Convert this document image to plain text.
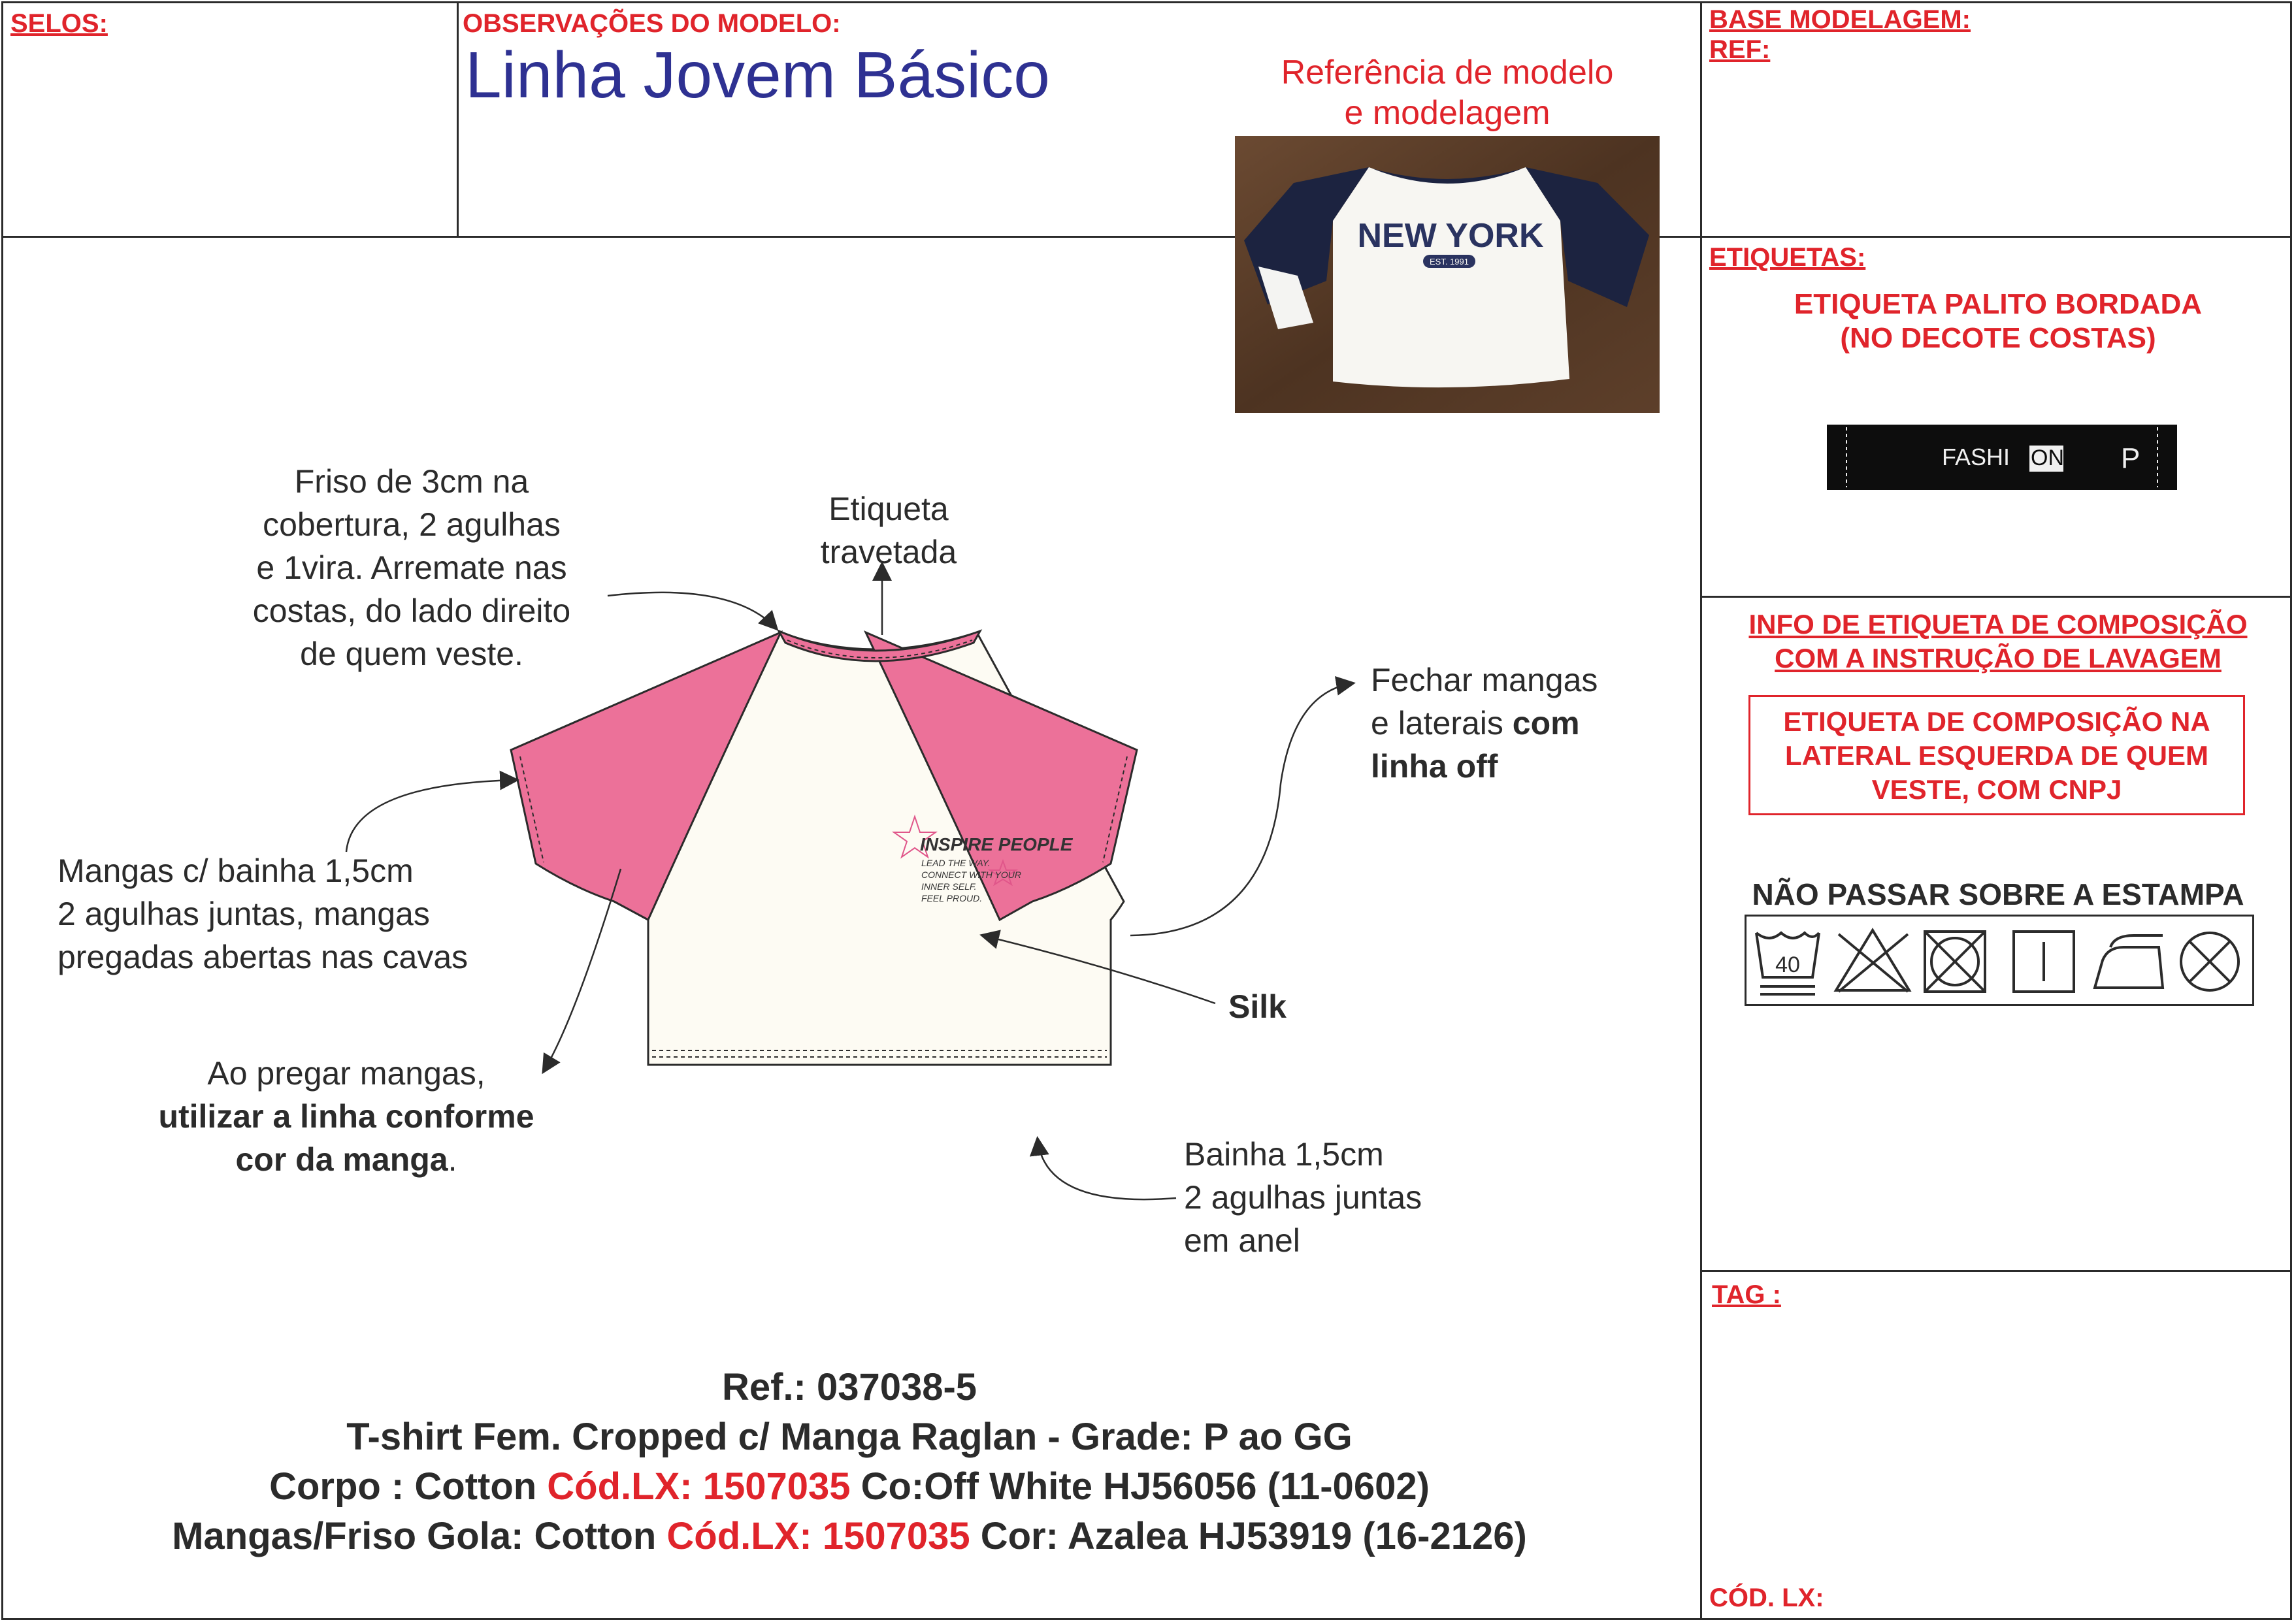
SELOS:	OBSERVAÇÕES DO MODELO:	BASE MODELAGEM:
REF:
ETIQUETAS:
TAG :
CÓD. LX:
Linha Jovem Básico	Referência de modelo
e modelagem
NEW YORK
EST. 1991
INSPIRE PEOPLE
LEAD THE WAY.
CONNECT WITH YOUR
INNER SELF.
FEEL PROUD.
Friso de 3cm na
cobertura, 2 agulhas
e 1vira. Arremate nas
costas, do lado direito
de quem veste.
Etiqueta
travetada
Fechar mangas
e laterais com
linha off
Mangas c/ bainha 1,5cm
2 agulhas juntas, mangas
pregadas abertas nas cavas
Silk
Ao pregar mangas,
utilizar a linha conforme
cor da manga.	Bainha 1,5cm
2 agulhas juntas
em anel
Ref.: 037038-5
T-shirt Fem. Cropped c/ Manga Raglan - Grade: P ao GG
Corpo : Cotton Cód.LX: 1507035 Co:Off White HJ56056 (11-0602)
Mangas/Friso Gola: Cotton Cód.LX: 1507035 Cor: Azalea HJ53919 (16-2126)
ETIQUETA PALITO BORDADA
(NO DECOTE COSTAS)
FASHI ON P
INFO DE ETIQUETA DE COMPOSIÇÃO
COM A INSTRUÇÃO DE LAVAGEM
ETIQUETA DE COMPOSIÇÃO NA
LATERAL ESQUERDA DE QUEM
VESTE, COM CNPJ
NÃO PASSAR SOBRE A ESTAMPA
40
